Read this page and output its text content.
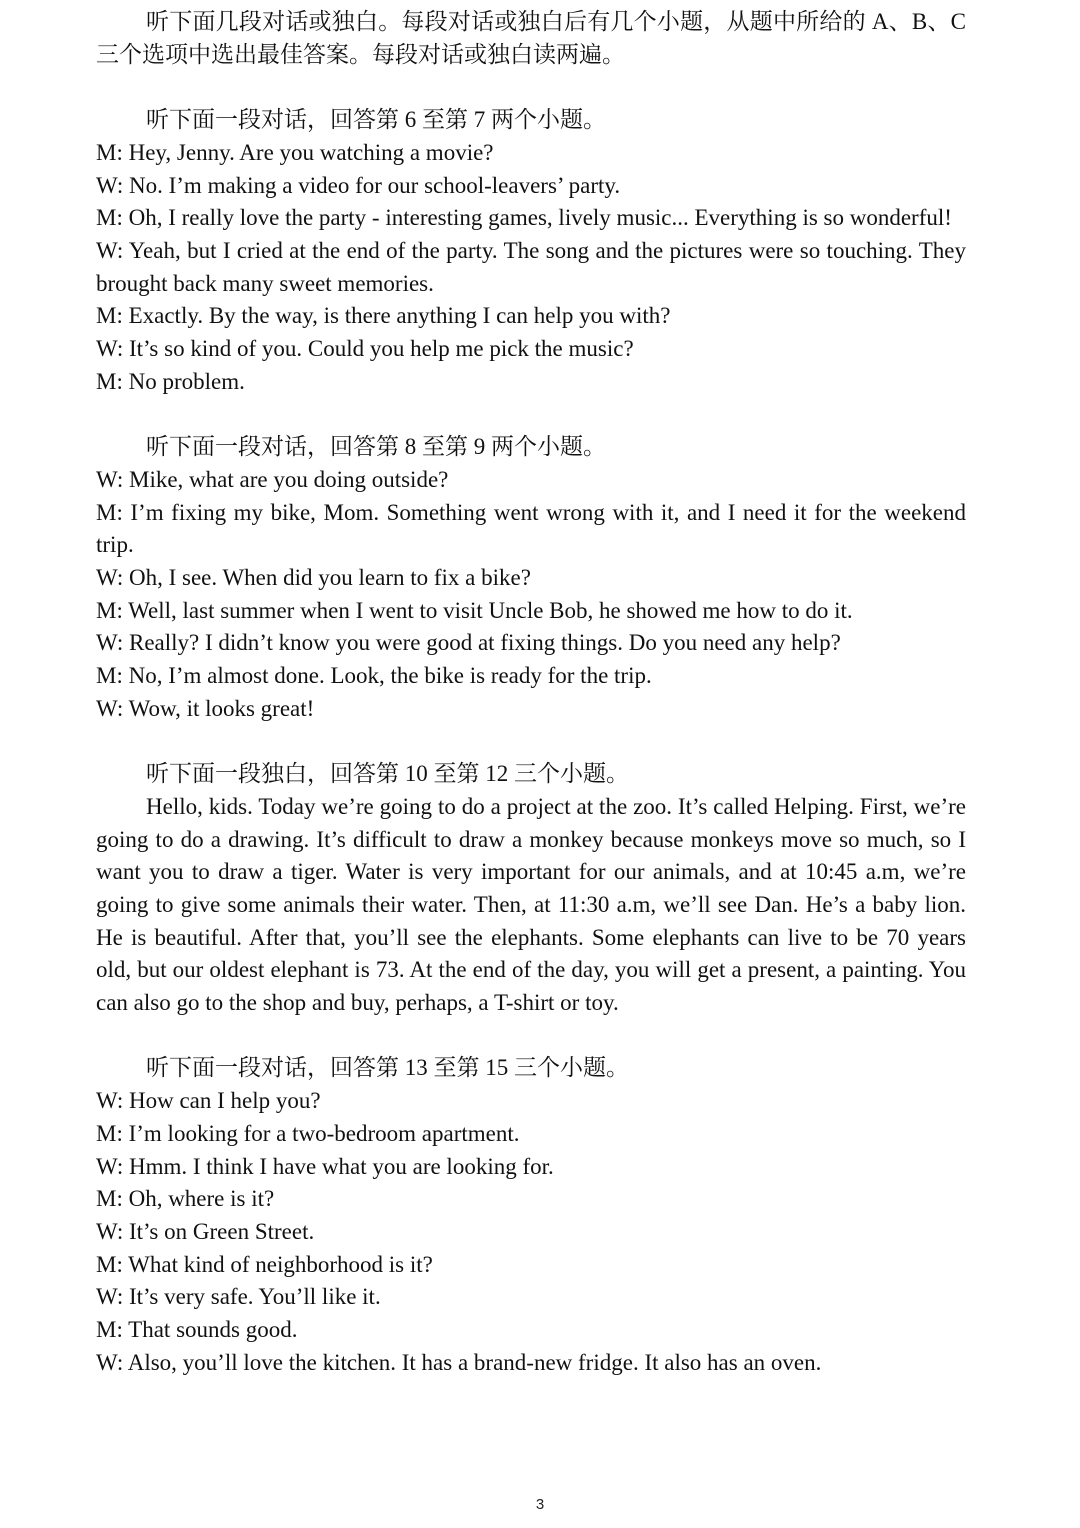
听下面几段对话或独白。每段对话或独白后有几个小题，从题中所给的 A、B、C 三个选项中选出最佳答案。每段对话或独白读两遍。

听下面一段对话，回答第 6 至第 7 两个小题。

M: Hey, Jenny. Are you watching a movie?

W: No. I’m making a video for our school-leavers’ party.

M: Oh, I really love the party - interesting games, lively music... Everything is so wonderful!

W: Yeah, but I cried at the end of the party. The song and the pictures were so touching. They brought back many sweet memories.

M: Exactly. By the way, is there anything I can help you with?

W: It’s so kind of you. Could you help me pick the music?

M: No problem.

听下面一段对话，回答第 8 至第 9 两个小题。

W: Mike, what are you doing outside?

M: I’m fixing my bike, Mom. Something went wrong with it, and I need it for the weekend trip.

W: Oh, I see. When did you learn to fix a bike?

M: Well, last summer when I went to visit Uncle Bob, he showed me how to do it.

W: Really? I didn’t know you were good at fixing things. Do you need any help?

M: No, I’m almost done. Look, the bike is ready for the trip.

W: Wow, it looks great!

听下面一段独白，回答第 10 至第 12 三个小题。

Hello, kids. Today we’re going to do a project at the zoo. It’s called Helping. First, we’re going to do a drawing. It’s difficult to draw a monkey because monkeys move so much, so I want you to draw a tiger. Water is very important for our animals, and at 10:45 a.m, we’re going to give some animals their water. Then, at 11:30 a.m, we’ll see Dan. He’s a baby lion. He is beautiful. After that, you’ll see the elephants. Some elephants can live to be 70 years old, but our oldest elephant is 73. At the end of the day, you will get a present, a painting. You can also go to the shop and buy, perhaps, a T-shirt or toy.

听下面一段对话，回答第 13 至第 15 三个小题。

W: How can I help you?

M: I’m looking for a two-bedroom apartment.

W: Hmm. I think I have what you are looking for.

M: Oh, where is it?

W: It’s on Green Street.

M: What kind of neighborhood is it?

W: It’s very safe. You’ll like it.

M: That sounds good.

W: Also, you’ll love the kitchen. It has a brand-new fridge. It also has an oven.

3
